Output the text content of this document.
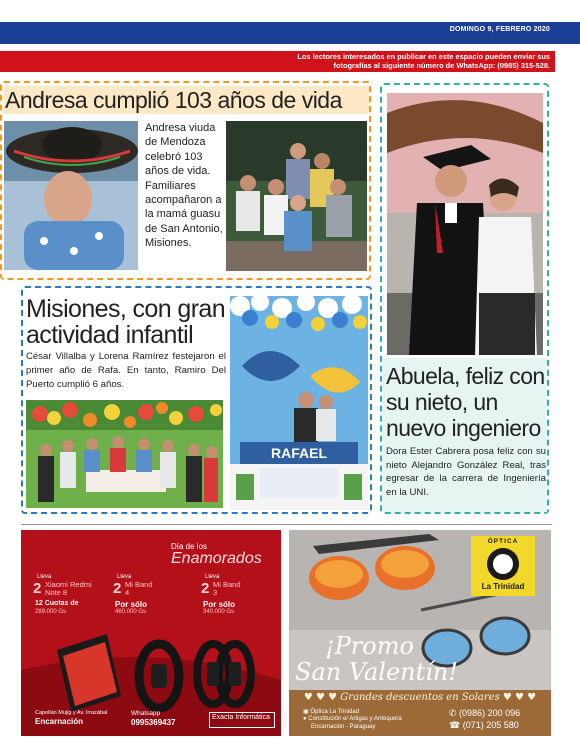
DOMINGO 9, FEBRERO 2020
Los lectores interesados en publicar en este espacio pueden enviar sus
fotografías al siguiente número de WhatsApp: (0985) 315-528.
Andresa cumplió 103 años de vida
Andresa viuda de Mendoza celebró 103 años de vida. Familiares acompañaron a la mamá guasu de San Antonio, Misiones.
Misiones, con gran actividad infantil
César Villalba y Lorena Ramírez festejaron el primer año de Rafa. En tanto, Ramiro Del Puerto cumplió 6 años.
RAFAEL
Abuela, feliz con su nieto, un nuevo ingeniero
Dora Ester Cabrera posa feliz con su nieto Alejandro González Real, tras egresar de la carrera de Ingeniería en la UNI.
Día de los
Enamorados
Lleva
2 Xiaomi Redmi Note 8
12 Cuotas de
289.000 Gs
Lleva
2 Mi Band 4
Por sólo
460.000 Gs
Lleva
2 Mi Band 3
Por sólo
340.000 Gs
Capellán Mujig y Av. Irrazábal
Encarnación
Whatsapp
0995369437
Exacta Informática
ÓPTICA
La Trinidad
¡Promo
San Valentín!
♥ ♥ ♥ Grandes descuentos en Solares ♥ ♥ ♥
▣ Óptica La Trinidad
● Constitución e/ Artigas y Antequera
Encarnación - Paraguay
✆ (0986) 200 096
☎ (071) 205 580
